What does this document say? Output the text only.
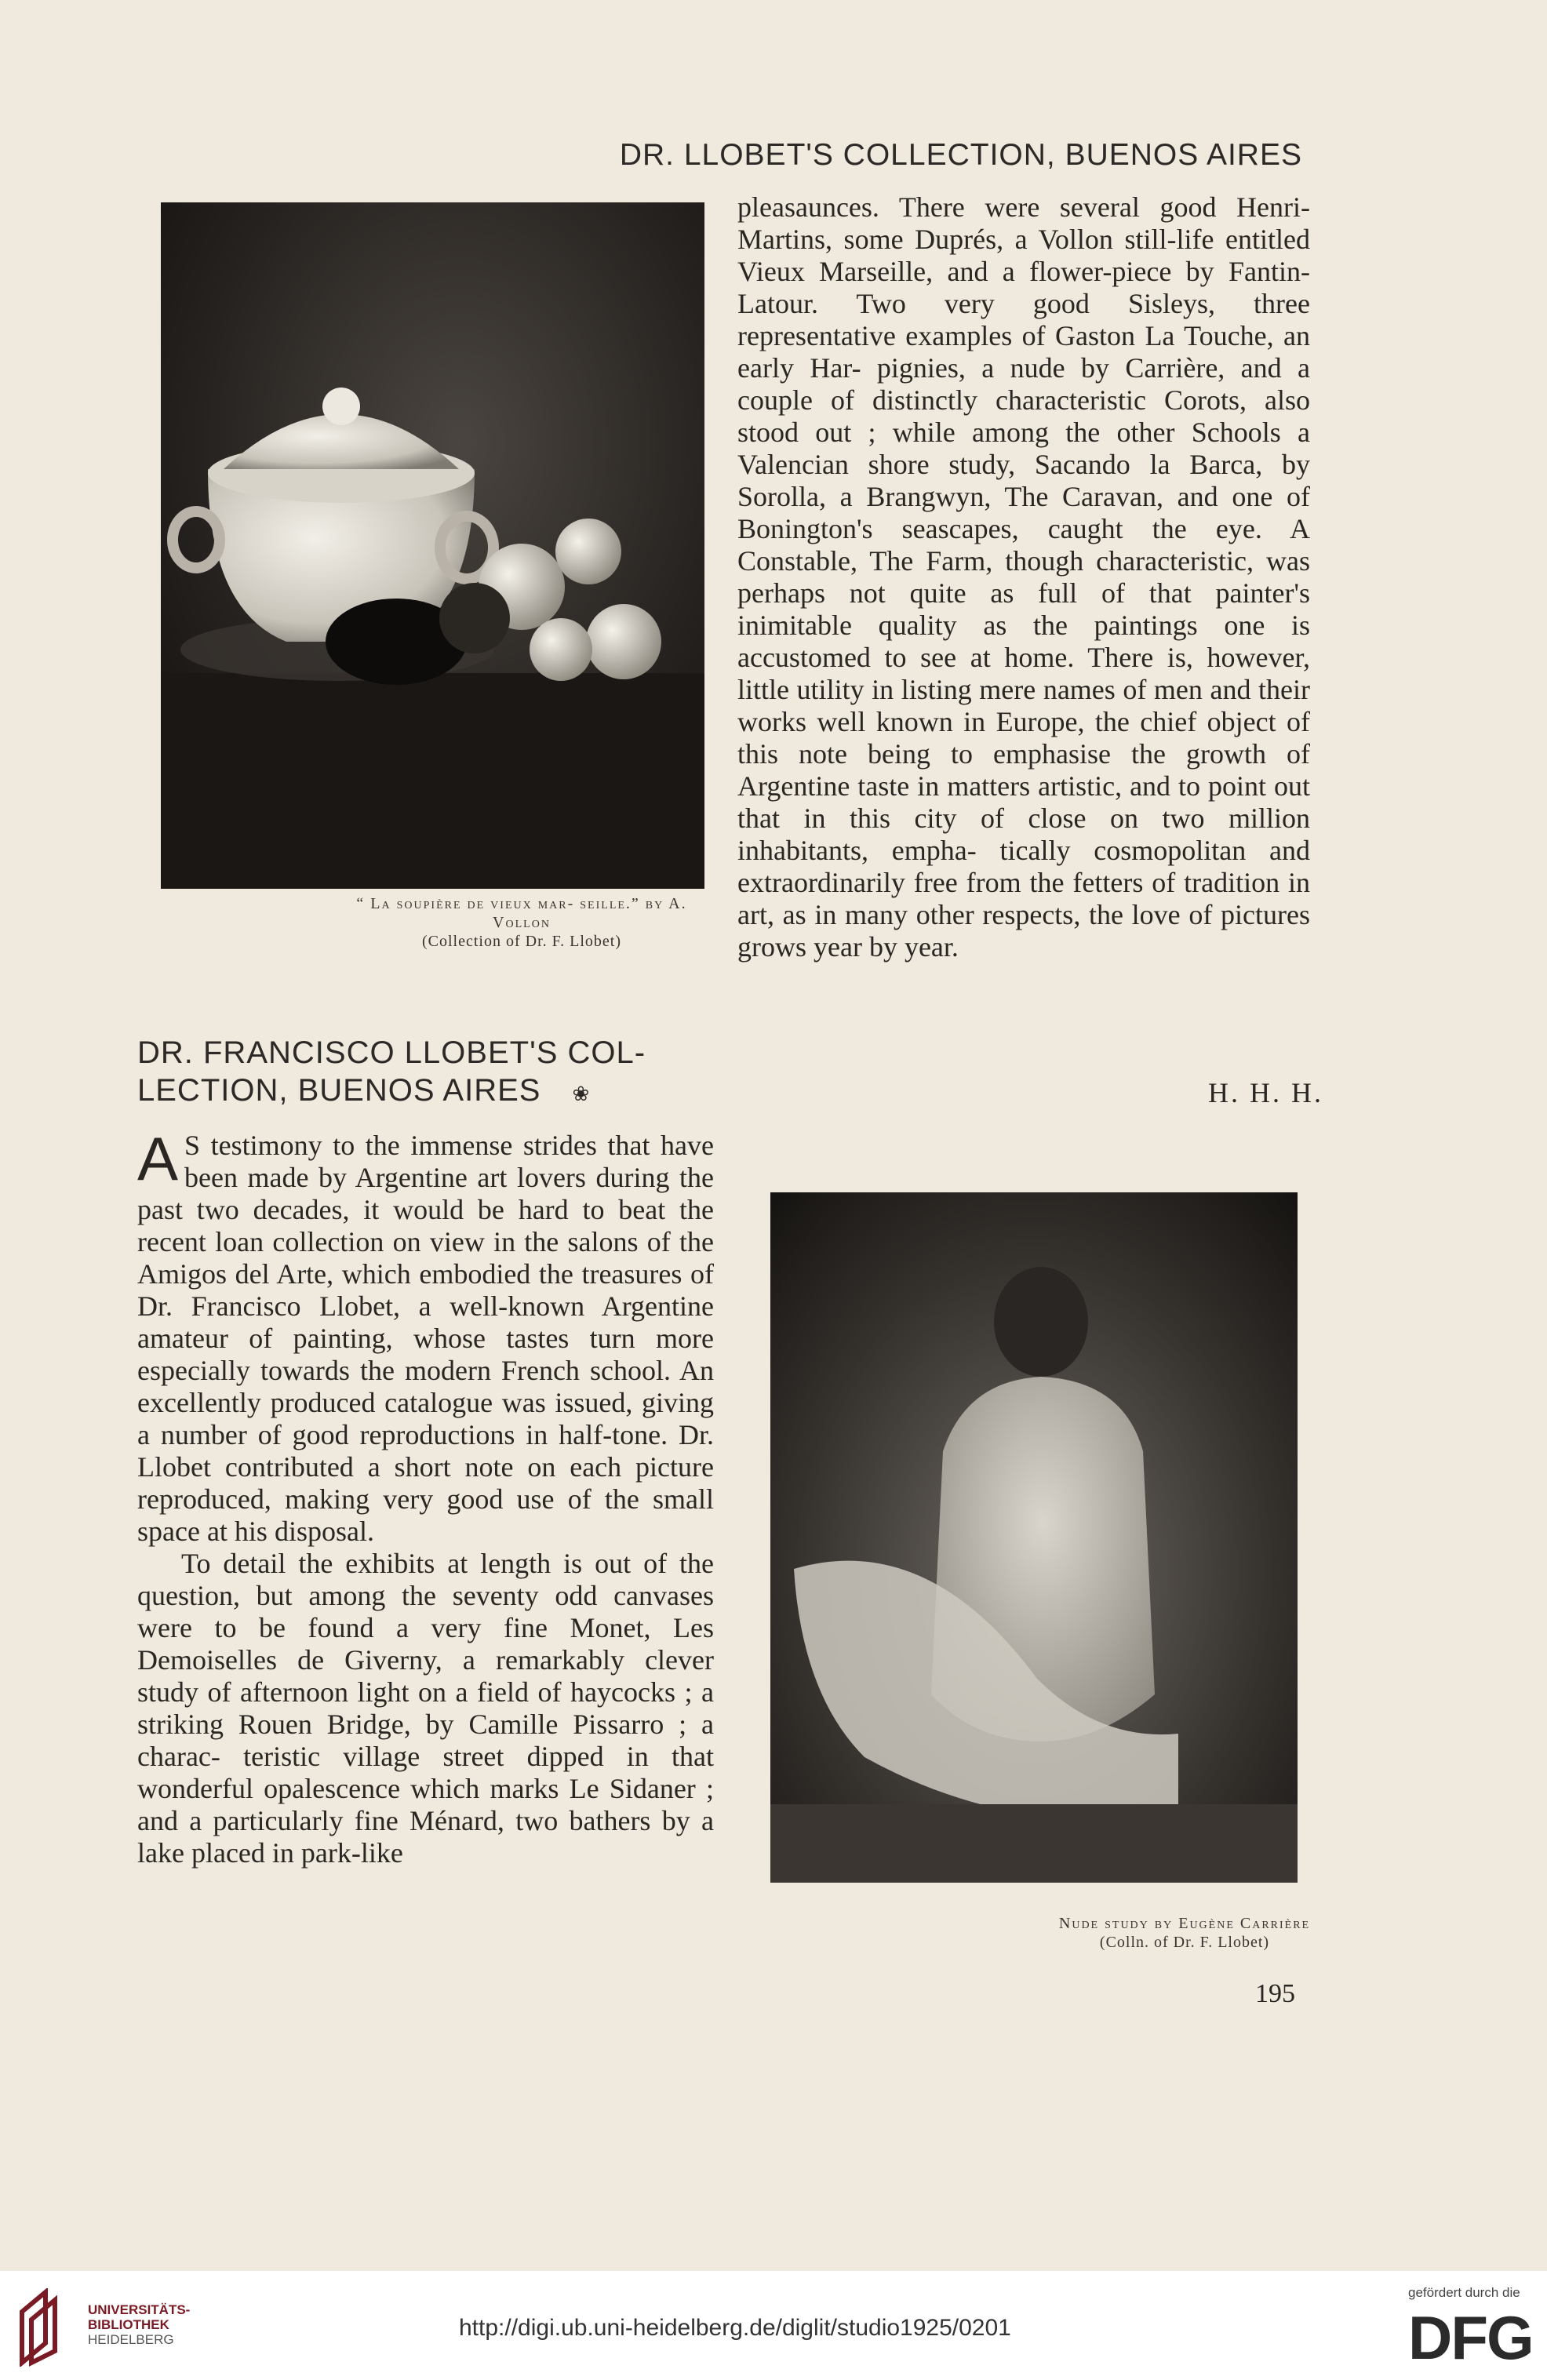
DR. LLOBET'S COLLECTION, BUENOS AIRES
“ La soupière de vieux mar- seille.” by A. Vollon
(Collection of Dr. F. Llobet)

pleasaunces. There were several good Henri-Martins, some Duprés, a Vollon still-life entitled Vieux Marseille, and a flower-piece by Fantin-Latour. Two very good Sisleys, three representative examples of Gaston La Touche, an early Har- pignies, a nude by Carrière, and a couple of distinctly characteristic Corots, also stood out ; while among the other Schools a Valencian shore study, Sacando la Barca, by Sorolla, a Brangwyn, The Caravan, and one of Bonington's seascapes, caught the eye. A Constable, The Farm, though characteristic, was perhaps not quite as full of that painter's inimitable quality as the paintings one is accustomed to see at home. There is, however, little utility in listing mere names of men and their works well known in Europe, the chief object of this note being to emphasise the growth of Argentine taste in matters artistic, and to point out that in this city of close on two million inhabitants, empha- tically cosmopolitan and extraordinarily free from the fetters of tradition in art, as in many other respects, the love of pictures grows year by year.

H. H. H.
DR. FRANCISCO LLOBET'S COL- LECTION, BUENOS AIRES ❀

A S testimony to the immense strides that have been made by Argentine art lovers during the past two decades, it would be hard to beat the recent loan collection on view in the salons of the Amigos del Arte, which embodied the treasures of Dr. Francisco Llobet, a well-known Argentine amateur of painting, whose tastes turn more especially towards the modern French school. An excellently produced catalogue was issued, giving a number of good reproductions in half-tone. Dr. Llobet contributed a short note on each picture reproduced, making very good use of the small space at his disposal.

To detail the exhibits at length is out of the question, but among the seventy odd canvases were to be found a very fine Monet, Les Demoiselles de Giverny, a remarkably clever study of afternoon light on a field of haycocks ; a striking Rouen Bridge, by Camille Pissarro ; a charac- teristic village street dipped in that wonderful opalescence which marks Le Sidaner ; and a particularly fine Ménard, two bathers by a lake placed in park-like

Nude study by Eugène Carrière
(Colln. of Dr. F. Llobet)
195
UNIVERSITÄTS-
BIBLIOTHEK
HEIDELBERG	http://digi.ub.uni-heidelberg.de/diglit/studio1925/0201
gefördert durch die
DFG
